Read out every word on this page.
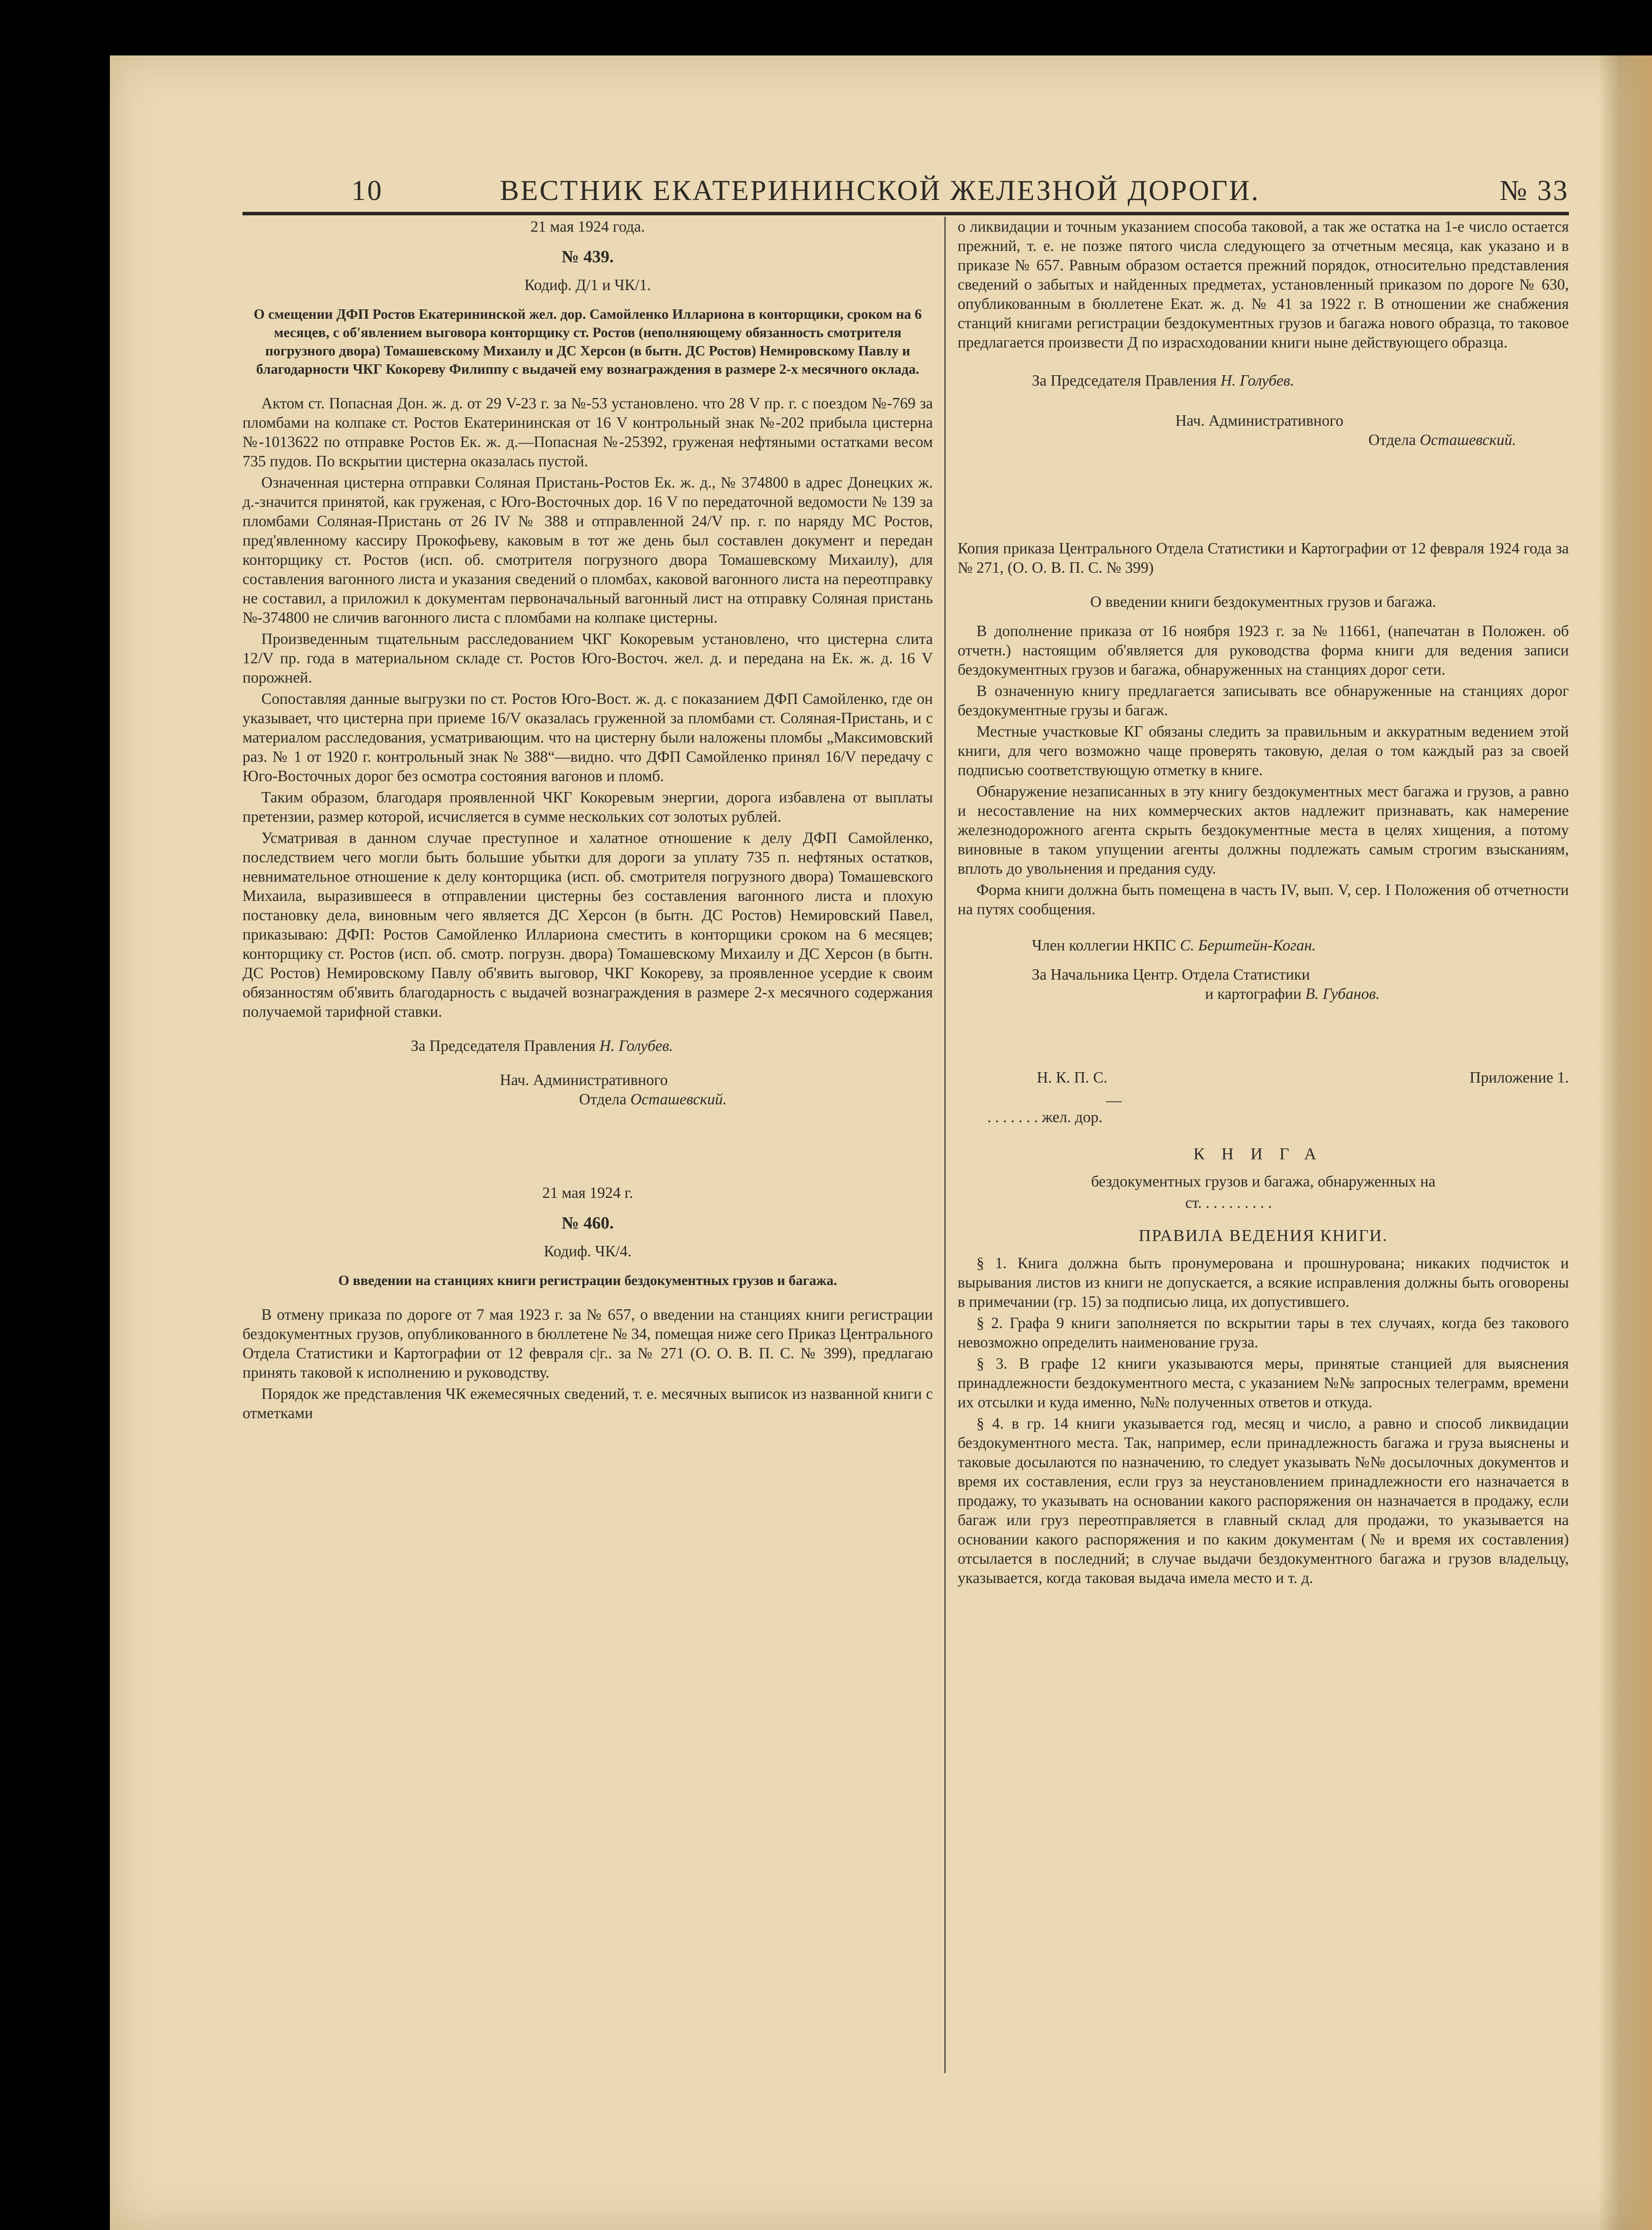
10	ВЕСТНИК ЕКАТЕРИНИНСКОЙ ЖЕЛЕЗНОЙ ДОРОГИ.	№ 33

21 мая 1924 года.

№ 439.

Кодиф. Д/1 и ЧК/1.

О смещении ДФП Ростов Екатерининской жел. дор. Самойленко Иллариона в конторщики, сроком на 6 месяцев, с об'явлением выговора конторщику ст. Ростов (неполняющему обязанность смотрителя погрузного двора) Томашевскому Михаилу и ДС Херсон (в бытн. ДС Ростов) Немировскому Павлу и благодарности ЧКГ Кокореву Филиппу с выдачей ему вознаграждения в размере 2-х месячного оклада.

Актом ст. Попасная Дон. ж. д. от 29 V-23 г. за №-53 установлено. что 28 V пр. г. с поездом №-769 за пломбами на колпаке ст. Ростов Екатерининская от 16 V контрольный знак №-202 прибыла цистерна №-1013622 по отправке Ростов Ек. ж. д.—Попасная №-25392, груженая нефтяными остатками весом 735 пудов. По вскрытии цистерна оказалась пустой.

Означенная цистерна отправки Соляная Пристань-Ростов Ек. ж. д., № 374800 в адрес Донецких ж. д.-значится принятой, как груженая, с Юго-Восточных дор. 16 V по передаточной ведомости № 139 за пломбами Соляная-Пристань от 26 IV № 388 и отправленной 24/V пр. г. по наряду МС Ростов, пред'явленному кассиру Прокофьеву, каковым в тот же день был составлен документ и передан конторщику ст. Ростов (исп. об. смотрителя погрузного двора Томашевскому Михаилу), для составления вагонного листа и указания сведений о пломбах, каковой вагонного листа на переотправку не составил, а приложил к документам первоначальный вагонный лист на отправку Соляная пристань №-374800 не сличив вагонного листа с пломбами на колпаке цистерны.

Произведенным тщательным расследованием ЧКГ Кокоревым установлено, что цистерна слита 12/V пр. года в материальном складе ст. Ростов Юго-Восточ. жел. д. и передана на Ек. ж. д. 16 V порожней.

Сопоставляя данные выгрузки по ст. Ростов Юго-Вост. ж. д. с показанием ДФП Самойленко, где он указывает, что цистерна при приеме 16/V оказалась груженной за пломбами ст. Соляная-Пристань, и с материалом расследования, усматривающим. что на цистерну были наложены пломбы „Максимовский раз. № 1 от 1920 г. контрольный знак № 388“—видно. что ДФП Самойленко принял 16/V передачу с Юго-Восточных дорог без осмотра состояния вагонов и пломб.

Таким образом, благодаря проявленной ЧКГ Кокоревым энергии, дорога избавлена от выплаты претензии, размер которой, исчисляется в сумме нескольких сот золотых рублей.

Усматривая в данном случае преступное и халатное отношение к делу ДФП Самойленко, последствием чего могли быть большие убытки для дороги за уплату 735 п. нефтяных остатков, невнимательное отношение к делу конторщика (исп. об. смотрителя погрузного двора) Томашевского Михаила, выразившееся в отправлении цистерны без составления вагонного листа и плохую постановку дела, виновным чего является ДС Херсон (в бытн. ДС Ростов) Немировский Павел, приказываю: ДФП: Ростов Самойленко Иллариона сместить в конторщики сроком на 6 месяцев; конторщику ст. Ростов (исп. об. смотр. погрузн. двора) Томашевскому Михаилу и ДС Херсон (в бытн. ДС Ростов) Немировскому Павлу об'явить выговор, ЧКГ Кокореву, за проявленное усердие к своим обязанностям об'явить благодарность с выдачей вознаграждения в размере 2-х месячного содержания получаемой тарифной ставки.

За Председателя Правления Н. Голубев.

Нач. Административного

Отдела Осташевский.

21 мая 1924 г.

№ 460.

Кодиф. ЧК/4.

О введении на станциях книги регистрации бездокументных грузов и багажа.

В отмену приказа по дороге от 7 мая 1923 г. за № 657, о введении на станциях книги регистрации бездокументных грузов, опубликованного в бюллетене № 34, помещая ниже сего Приказ Центрального Отдела Статистики и Картографии от 12 февраля с|г.. за № 271 (О. О. В. П. С. № 399), предлагаю принять таковой к исполнению и руководству.

Порядок же представления ЧК ежемесячных сведений, т. е. месячных выписок из названной книги с отметками

о ликвидации и точным указанием способа таковой, а так же остатка на 1-е число остается прежний, т. е. не позже пятого числа следующего за отчетным месяца, как указано и в приказе № 657. Равным образом остается прежний порядок, относительно представления сведений о забытых и найденных предметах, установленный приказом по дороге № 630, опубликованным в бюллетене Екат. ж. д. № 41 за 1922 г. В отношении же снабжения станций книгами регистрации бездокументных грузов и багажа нового образца, то таковое предлагается произвести Д по израсходовании книги ныне действующего образца.

За Председателя Правления Н. Голубев.

Нач. Административного

Отдела Осташевский.

Копия приказа Центрального Отдела Статистики и Картографии от 12 февраля 1924 года за № 271, (О. О. В. П. С. № 399)

О введении книги бездокументных грузов и багажа.

В дополнение приказа от 16 ноября 1923 г. за № 11661, (напечатан в Положен. об отчетн.) настоящим об'является для руководства форма книги для ведения записи бездокументных грузов и багажа, обнаруженных на станциях дорог сети.

В означенную книгу предлагается записывать все обнаруженные на станциях дорог бездокументные грузы и багаж.

Местные участковые КГ обязаны следить за правильным и аккуратным ведением этой книги, для чего возможно чаще проверять таковую, делая о том каждый раз за своей подписью соответствующую отметку в книге.

Обнаружение незаписанных в эту книгу бездокументных мест багажа и грузов, а равно и несоставление на них коммерческих актов надлежит признавать, как намерение железнодорожного агента скрыть бездокументные места в целях хищения, а потому виновные в таком упущении агенты должны подлежать самым строгим взысканиям, вплоть до увольнения и предания суду.

Форма книги должна быть помещена в часть IV, вып. V, сер. I Положения об отчетности на путях сообщения.

Член коллегии НКПС С. Берштейн-Коган.

За Начальника Центр. Отдела Статистики

и картографии В. Губанов.

Н. К. П. С.	Приложение 1.

—

. . . . . . . жел. дор.

КНИГА

бездокументных грузов и багажа, обнаруженных на

ст. . . . . . . . . .

ПРАВИЛА ВЕДЕНИЯ КНИГИ.

§ 1. Книга должна быть пронумерована и прошнурована; никаких подчисток и вырывания листов из книги не допускается, а всякие исправления должны быть оговорены в примечании (гр. 15) за подписью лица, их допустившего.

§ 2. Графа 9 книги заполняется по вскрытии тары в тех случаях, когда без такового невозможно определить наименование груза.

§ 3. В графе 12 книги указываются меры, принятые станцией для выяснения принадлежности бездокументного места, с указанием №№ запросных телеграмм, времени их отсылки и куда именно, №№ полученных ответов и откуда.

§ 4. в гр. 14 книги указывается год, месяц и число, а равно и способ ликвидации бездокументного места. Так, например, если принадлежность багажа и груза выяснены и таковые досылаются по назначению, то следует указывать №№ досылочных документов и время их составления, если груз за неустановлением принадлежности его назначается в продажу, то указывать на основании какого распоряжения он назначается в продажу, если багаж или груз переотправляется в главный склад для продажи, то указывается на основании какого распоряжения и по каким документам (№ и время их составления) отсылается в последний; в случае выдачи бездокументного багажа и грузов владельцу, указывается, когда таковая выдача имела место и т. д.
